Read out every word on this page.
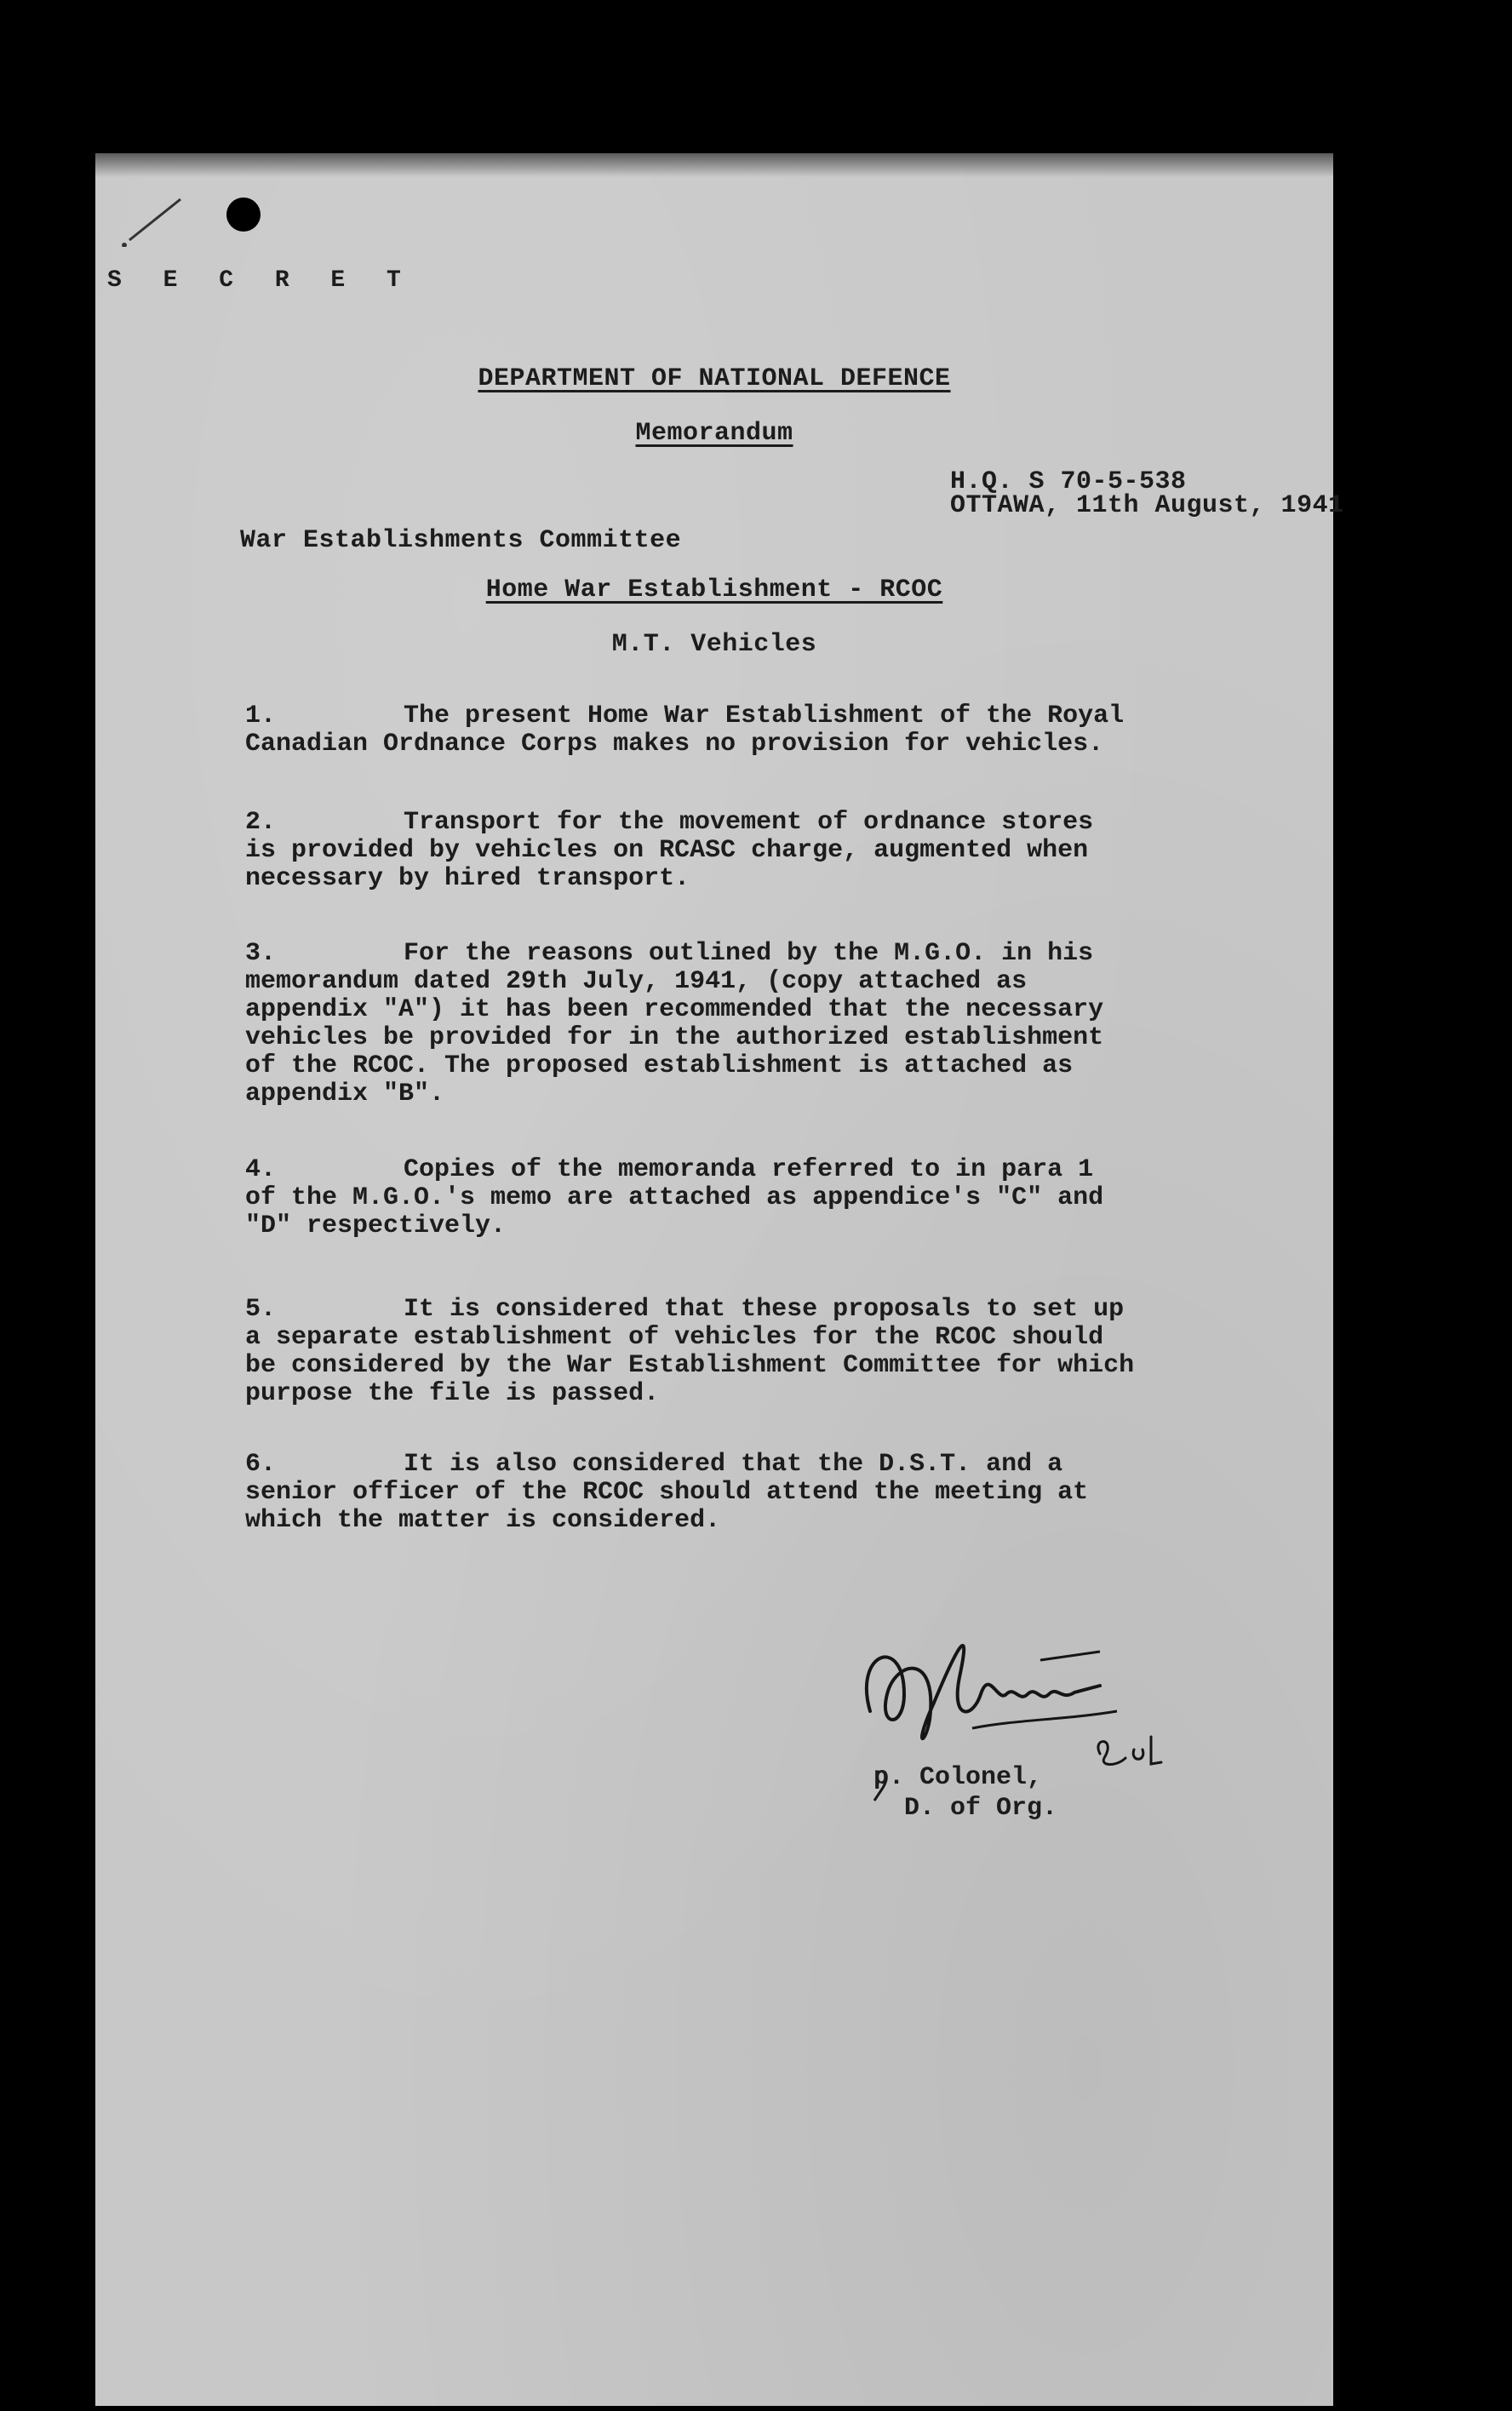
S E C R E T
DEPARTMENT OF NATIONAL DEFENCE
Memorandum
H.Q. S 70-5-538
OTTAWA, 11th August, 1941
War Establishments Committee
Home War Establishment - RCOC
M.T. Vehicles
1.	The present Home War Establishment of the Royal
Canadian Ordnance Corps makes no provision for vehicles.
2.	Transport for the movement of ordnance stores
is provided by vehicles on RCASC charge, augmented when
necessary by hired transport.
3.	For the reasons outlined by the M.G.O. in his
memorandum dated 29th July, 1941, (copy attached as
appendix "A") it has been recommended that the necessary
vehicles be provided for in the authorized establishment
of the RCOC. The proposed establishment is attached as
appendix "B".
4.	Copies of the memoranda referred to in para 1
of the M.G.O.'s memo are attached as appendice's "C" and
"D" respectively.
5.	It is considered that these proposals to set up
a separate establishment of vehicles for the RCOC should
be considered by the War Establishment Committee for which
purpose the file is passed.
6.	It is also considered that the D.S.T. and a
senior officer of the RCOC should attend the meeting at
which the matter is considered.
p. Colonel,
D. of Org.
